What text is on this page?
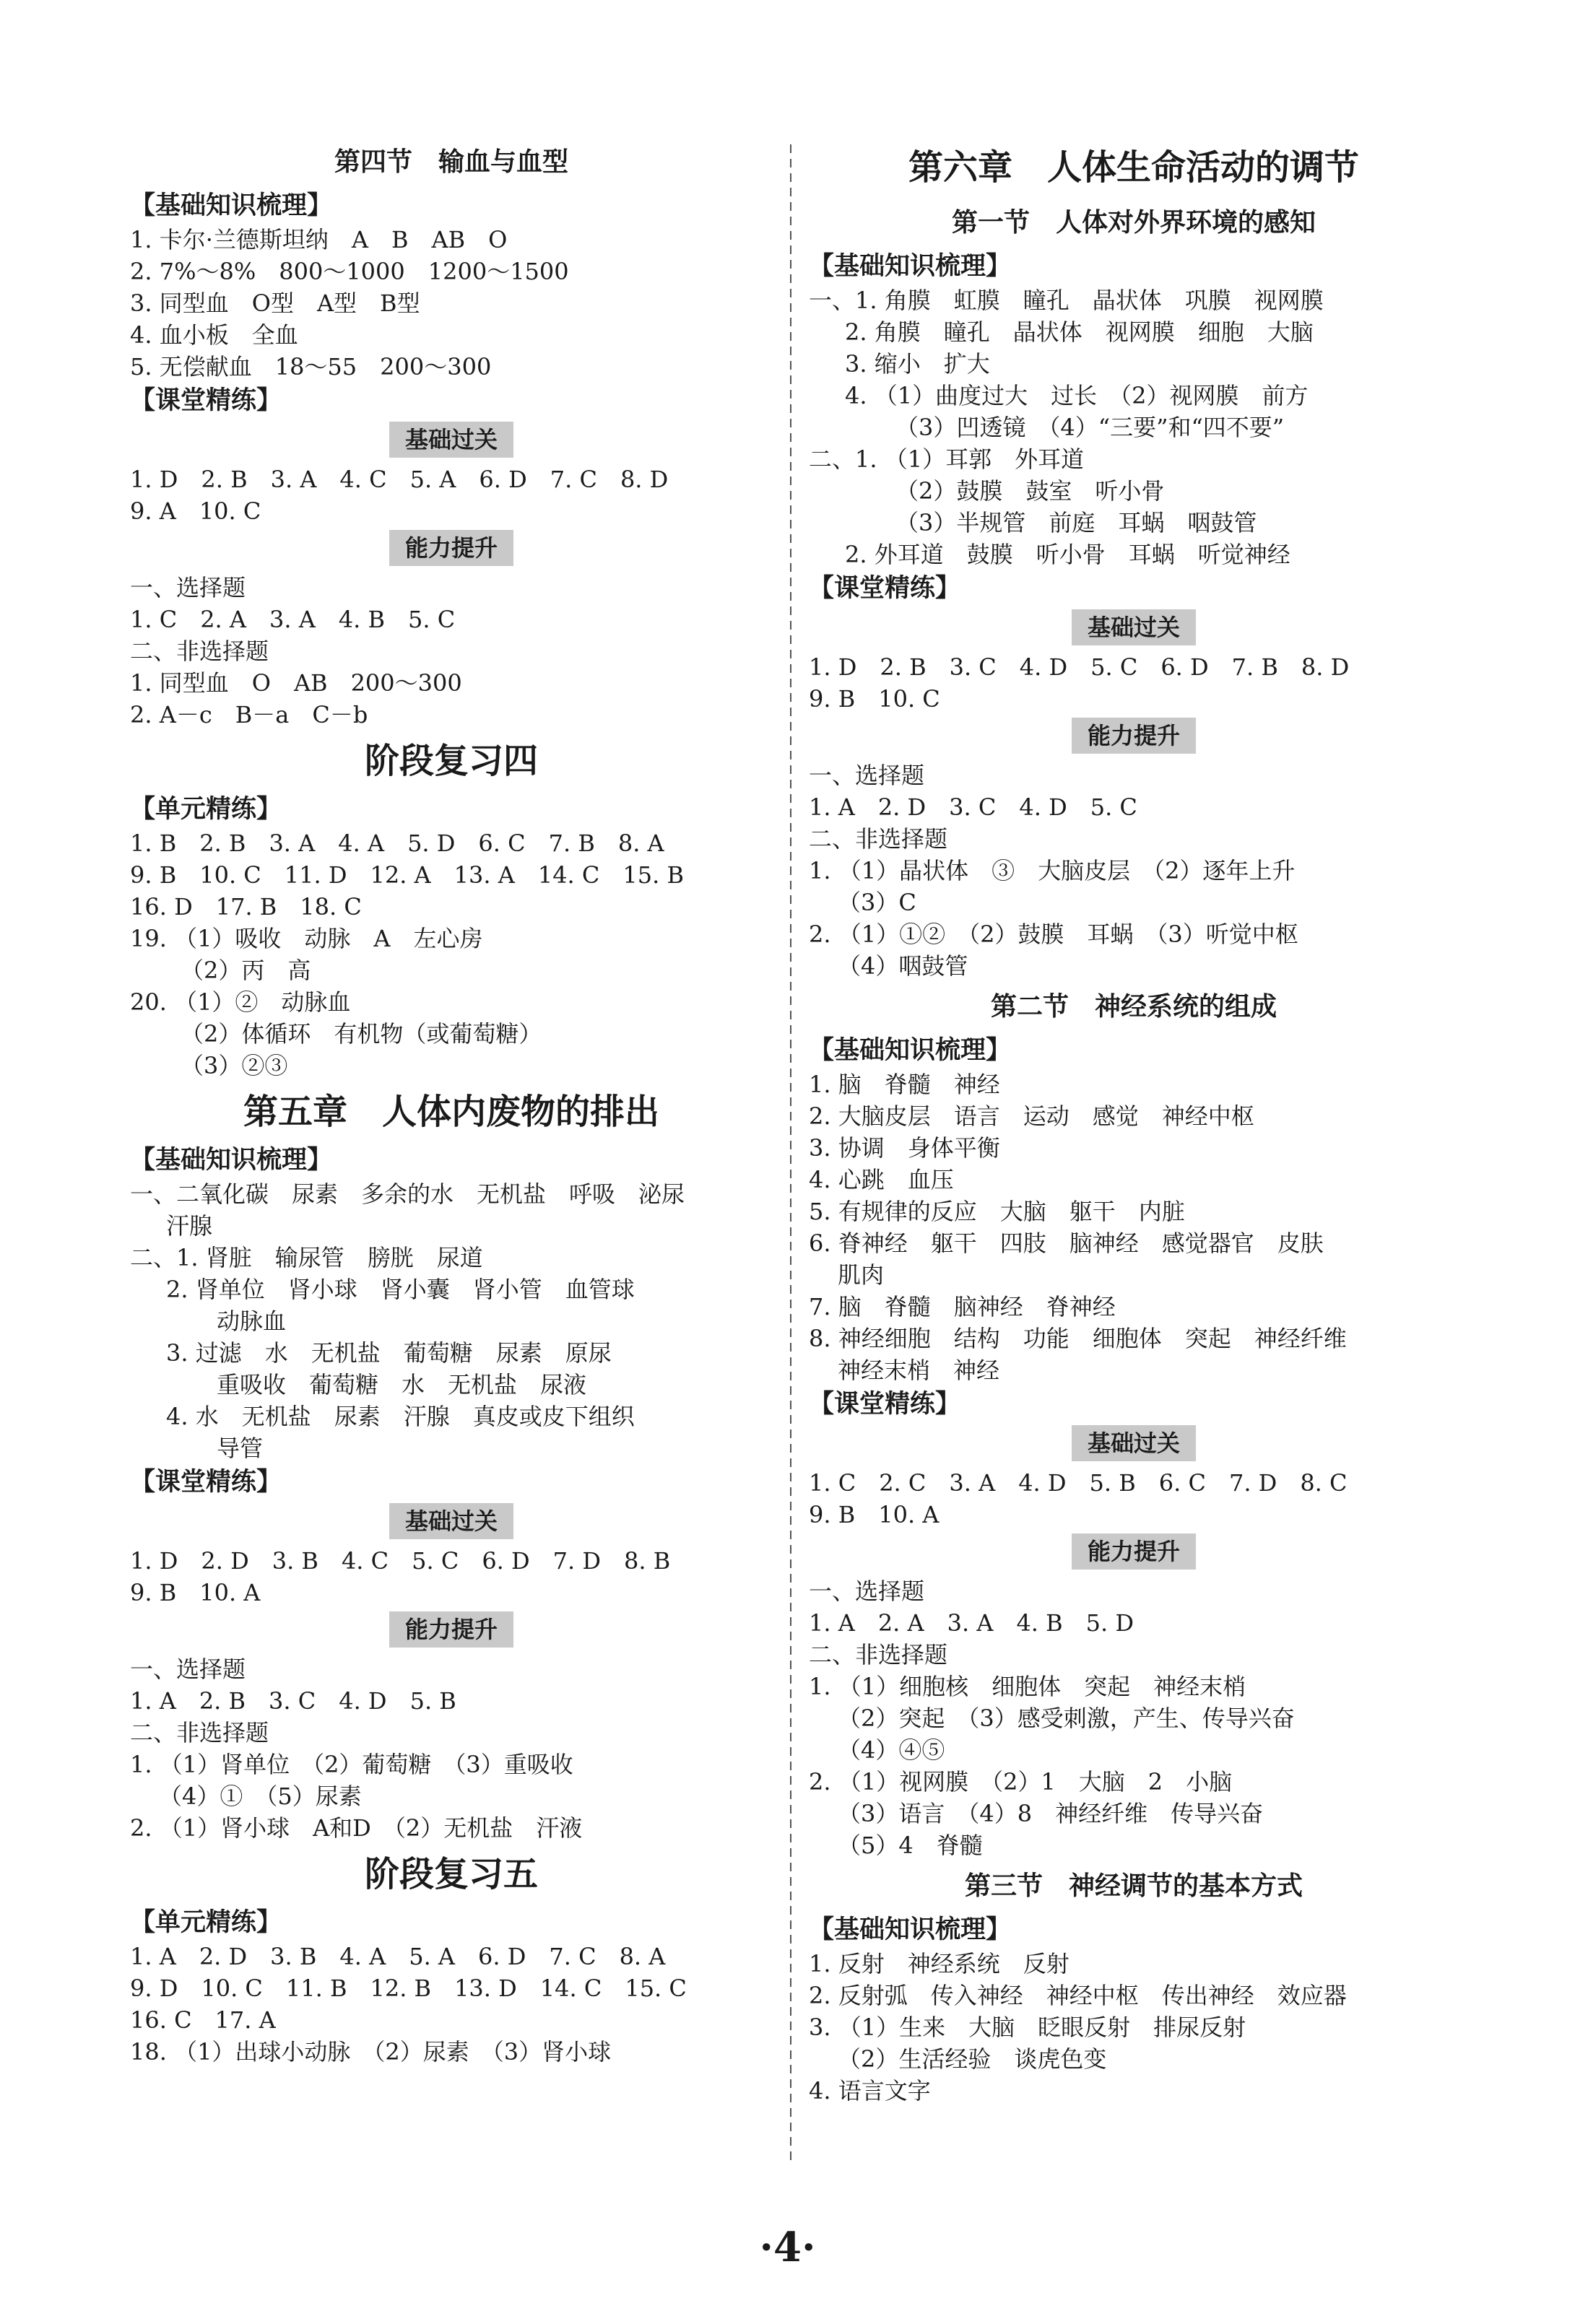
第四节　输血与血型
【基础知识梳理】
1. 卡尔·兰德斯坦纳　A　B　AB　O
2. 7%～8%　800～1000　1200～1500
3. 同型血　O型　A型　B型
4. 血小板　全血
5. 无偿献血　18～55　200～300
【课堂精练】
基础过关
1. D　2. B　3. A　4. C　5. A　6. D　7. C　8. D
9. A　10. C
能力提升
一、选择题
1. C　2. A　3. A　4. B　5. C
二、非选择题
1. 同型血　O　AB　200～300
2. A－c　B－a　C－b
阶段复习四
【单元精练】
1. B　2. B　3. A　4. A　5. D　6. C　7. B　8. A
9. B　10. C　11. D　12. A　13. A　14. C　15. B
16. D　17. B　18. C
19. （1）吸收　动脉　A　左心房
（2）丙　高
20. （1）②　动脉血
（2）体循环　有机物（或葡萄糖）
（3）②③
第五章　人体内废物的排出
【基础知识梳理】
一、二氧化碳　尿素　多余的水　无机盐　呼吸　泌尿
汗腺
二、1. 肾脏　输尿管　膀胱　尿道
2. 肾单位　肾小球　肾小囊　肾小管　血管球
动脉血
3. 过滤　水　无机盐　葡萄糖　尿素　原尿
重吸收　葡萄糖　水　无机盐　尿液
4. 水　无机盐　尿素　汗腺　真皮或皮下组织
导管
【课堂精练】
基础过关
1. D　2. D　3. B　4. C　5. C　6. D　7. D　8. B
9. B　10. A
能力提升
一、选择题
1. A　2. B　3. C　4. D　5. B
二、非选择题
1. （1）肾单位　（2）葡萄糖　（3）重吸收
（4）①　（5）尿素
2. （1）肾小球　A和D　（2）无机盐　汗液
阶段复习五
【单元精练】
1. A　2. D　3. B　4. A　5. A　6. D　7. C　8. A
9. D　10. C　11. B　12. B　13. D　14. C　15. C
16. C　17. A
18. （1）出球小动脉　（2）尿素　（3）肾小球
第六章　人体生命活动的调节
第一节　人体对外界环境的感知
【基础知识梳理】
一、1. 角膜　虹膜　瞳孔　晶状体　巩膜　视网膜
2. 角膜　瞳孔　晶状体　视网膜　细胞　大脑
3. 缩小　扩大
4. （1）曲度过大　过长　（2）视网膜　前方
（3）凹透镜　（4）“三要”和“四不要”
二、1. （1）耳郭　外耳道
（2）鼓膜　鼓室　听小骨
（3）半规管　前庭　耳蜗　咽鼓管
2. 外耳道　鼓膜　听小骨　耳蜗　听觉神经
【课堂精练】
基础过关
1. D　2. B　3. C　4. D　5. C　6. D　7. B　8. D
9. B　10. C
能力提升
一、选择题
1. A　2. D　3. C　4. D　5. C
二、非选择题
1. （1）晶状体　③　大脑皮层　（2）逐年上升
（3）C
2. （1）①②　（2）鼓膜　耳蜗　（3）听觉中枢
（4）咽鼓管
第二节　神经系统的组成
【基础知识梳理】
1. 脑　脊髓　神经
2. 大脑皮层　语言　运动　感觉　神经中枢
3. 协调　身体平衡
4. 心跳　血压
5. 有规律的反应　大脑　躯干　内脏
6. 脊神经　躯干　四肢　脑神经　感觉器官　皮肤
肌肉
7. 脑　脊髓　脑神经　脊神经
8. 神经细胞　结构　功能　细胞体　突起　神经纤维
神经末梢　神经
【课堂精练】
基础过关
1. C　2. C　3. A　4. D　5. B　6. C　7. D　8. C
9. B　10. A
能力提升
一、选择题
1. A　2. A　3. A　4. B　5. D
二、非选择题
1. （1）细胞核　细胞体　突起　神经末梢
（2）突起　（3）感受刺激，产生、传导兴奋
（4）④⑤
2. （1）视网膜　（2）1　大脑　2　小脑
（3）语言　（4）8　神经纤维　传导兴奋
（5）4　脊髓
第三节　神经调节的基本方式
【基础知识梳理】
1. 反射　神经系统　反射
2. 反射弧　传入神经　神经中枢　传出神经　效应器
3. （1）生来　大脑　眨眼反射　排尿反射
（2）生活经验　谈虎色变
4. 语言文字
·4·
